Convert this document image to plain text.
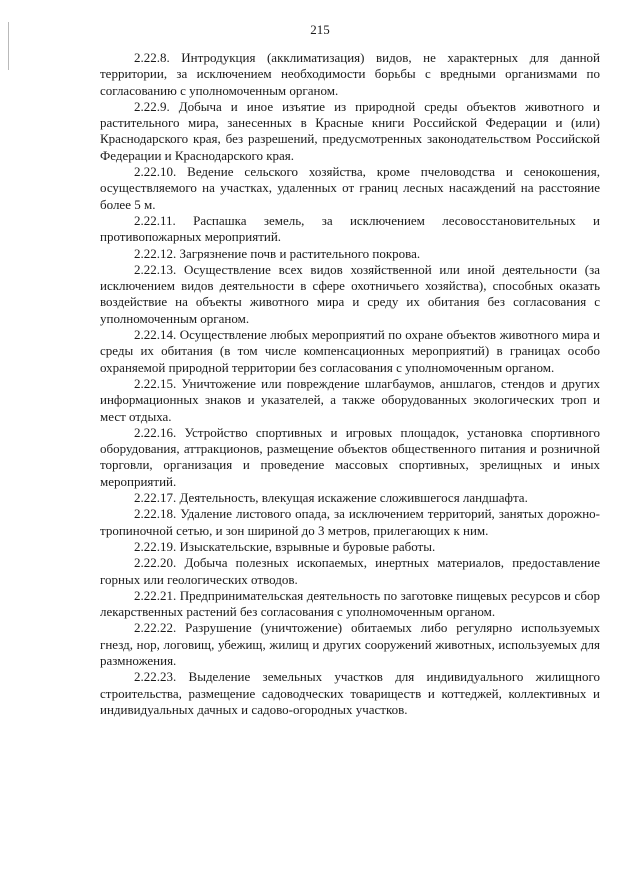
215

2.22.8. Интродукция (акклиматизация) видов, не характерных для данной территории, за исключением необходимости борьбы с вредными организмами по согласованию с уполномоченным органом.

2.22.9. Добыча и иное изъятие из природной среды объектов животного и растительного мира, занесенных в Красные книги Российской Федерации и (или) Краснодарского края, без разрешений, предусмотренных законодательством Российской Федерации и Краснодарского края.

2.22.10. Ведение сельского хозяйства, кроме пчеловодства и сенокошения, осуществляемого на участках, удаленных от границ лесных насаждений на расстояние более 5 м.

2.22.11. Распашка земель, за исключением лесовосстановительных и противопожарных мероприятий.

2.22.12. Загрязнение почв и растительного покрова.

2.22.13. Осуществление всех видов хозяйственной или иной деятельности (за исключением видов деятельности в сфере охотничьего хозяйства), способных оказать воздействие на объекты животного мира и среду их обитания без согласования с уполномоченным органом.

2.22.14. Осуществление любых мероприятий по охране объектов животного мира и среды их обитания (в том числе компенсационных мероприятий) в границах особо охраняемой природной территории без согласования с уполномоченным органом.

2.22.15. Уничтожение или повреждение шлагбаумов, аншлагов, стендов и других информационных знаков и указателей, а также оборудованных экологических троп и мест отдыха.

2.22.16. Устройство спортивных и игровых площадок, установка спортивного оборудования, аттракционов, размещение объектов общественного питания и розничной торговли, организация и проведение массовых спортивных, зрелищных и иных мероприятий.

2.22.17. Деятельность, влекущая искажение сложившегося ландшафта.

2.22.18. Удаление листового опада, за исключением территорий, занятых дорожно-тропиночной сетью, и зон шириной до 3 метров, прилегающих к ним.

2.22.19. Изыскательские, взрывные и буровые работы.

2.22.20. Добыча полезных ископаемых, инертных материалов, предоставление горных или геологических отводов.

2.22.21. Предпринимательская деятельность по заготовке пищевых ресурсов и сбор лекарственных растений без согласования с уполномоченным органом.

2.22.22. Разрушение (уничтожение) обитаемых либо регулярно используемых гнезд, нор, логовищ, убежищ, жилищ и других сооружений животных, используемых для размножения.

2.22.23. Выделение земельных участков для индивидуального жилищного строительства, размещение садоводческих товариществ и коттеджей, коллективных и индивидуальных дачных и садово-огородных участков.
